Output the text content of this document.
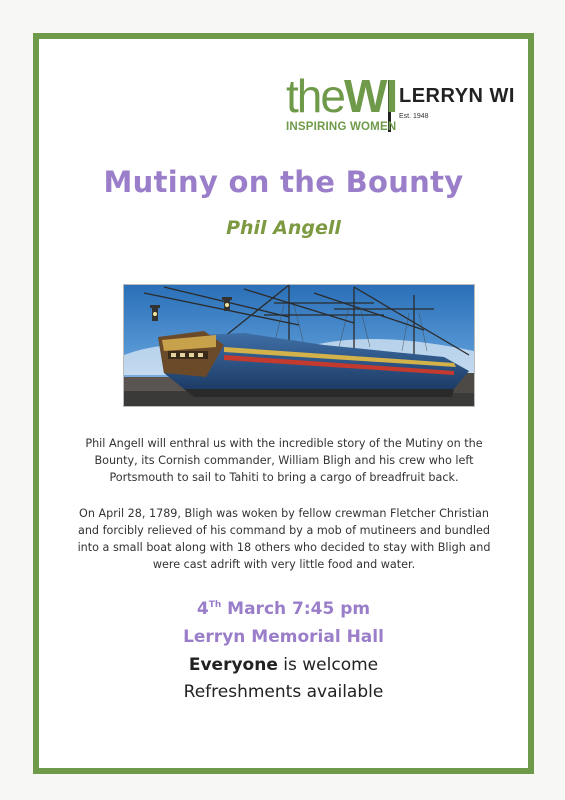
theWI
INSPIRING WOMEN
LERRYN WI
Est. 1948
Mutiny on the Bounty
Phil Angell
Phil Angell will enthral us with the incredible story of the Mutiny on the Bounty, its Cornish commander, William Bligh and his crew who left Portsmouth to sail to Tahiti to bring a cargo of breadfruit back.
On April 28, 1789, Bligh was woken by fellow crewman Fletcher Christian and forcibly relieved of his command by a mob of mutineers and bundled into a small boat along with 18 others who decided to stay with Bligh and were cast adrift with very little food and water.
4Th March 7:45 pm
Lerryn Memorial Hall
Everyone is welcome
Refreshments available
